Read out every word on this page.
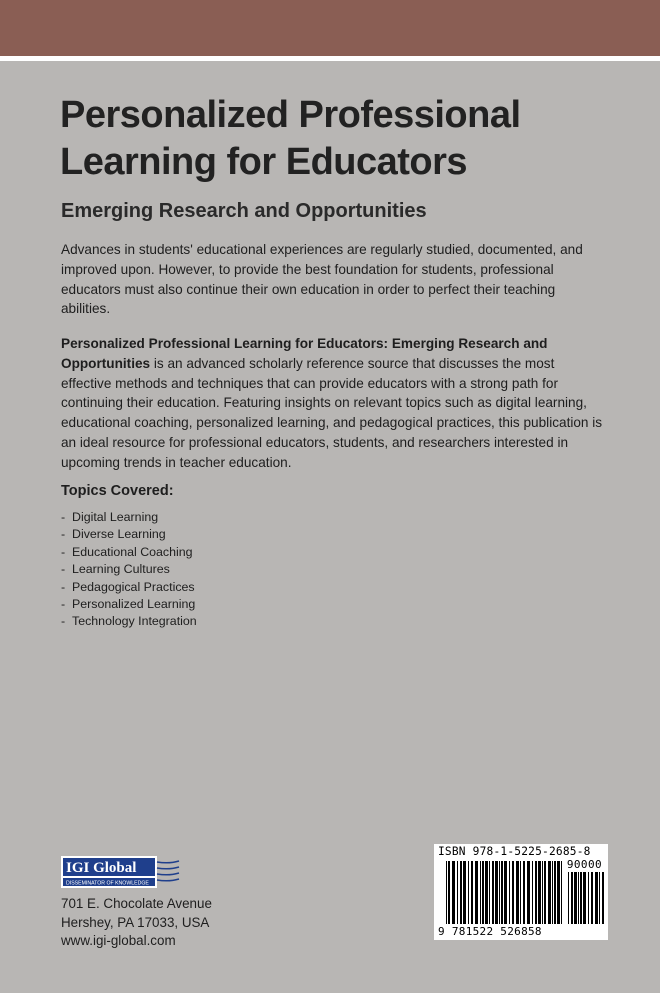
Personalized Professional Learning for Educators
Emerging Research and Opportunities

Advances in students' educational experiences are regularly studied, documented, and improved upon. However, to provide the best foundation for students, professional educators must also continue their own education in order to perfect their teaching abilities.

Personalized Professional Learning for Educators: Emerging Research and Opportunities is an advanced scholarly reference source that discusses the most effective methods and techniques that can provide educators with a strong path for continuing their education. Featuring insights on relevant topics such as digital learning, educational coaching, personalized learning, and pedagogical practices, this publication is an ideal resource for professional educators, students, and researchers interested in upcoming trends in teacher education.

Topics Covered:
- Digital Learning
- Diverse Learning
- Educational Coaching
- Learning Cultures
- Pedagogical Practices
- Personalized Learning
- Technology Integration
IGI Global
DISSEMINATOR OF KNOWLEDGE
701 E. Chocolate Avenue
Hershey, PA 17033, USA
www.igi-global.com
ISBN 978-1-5225-2685-8
90000
9 781522 526858
